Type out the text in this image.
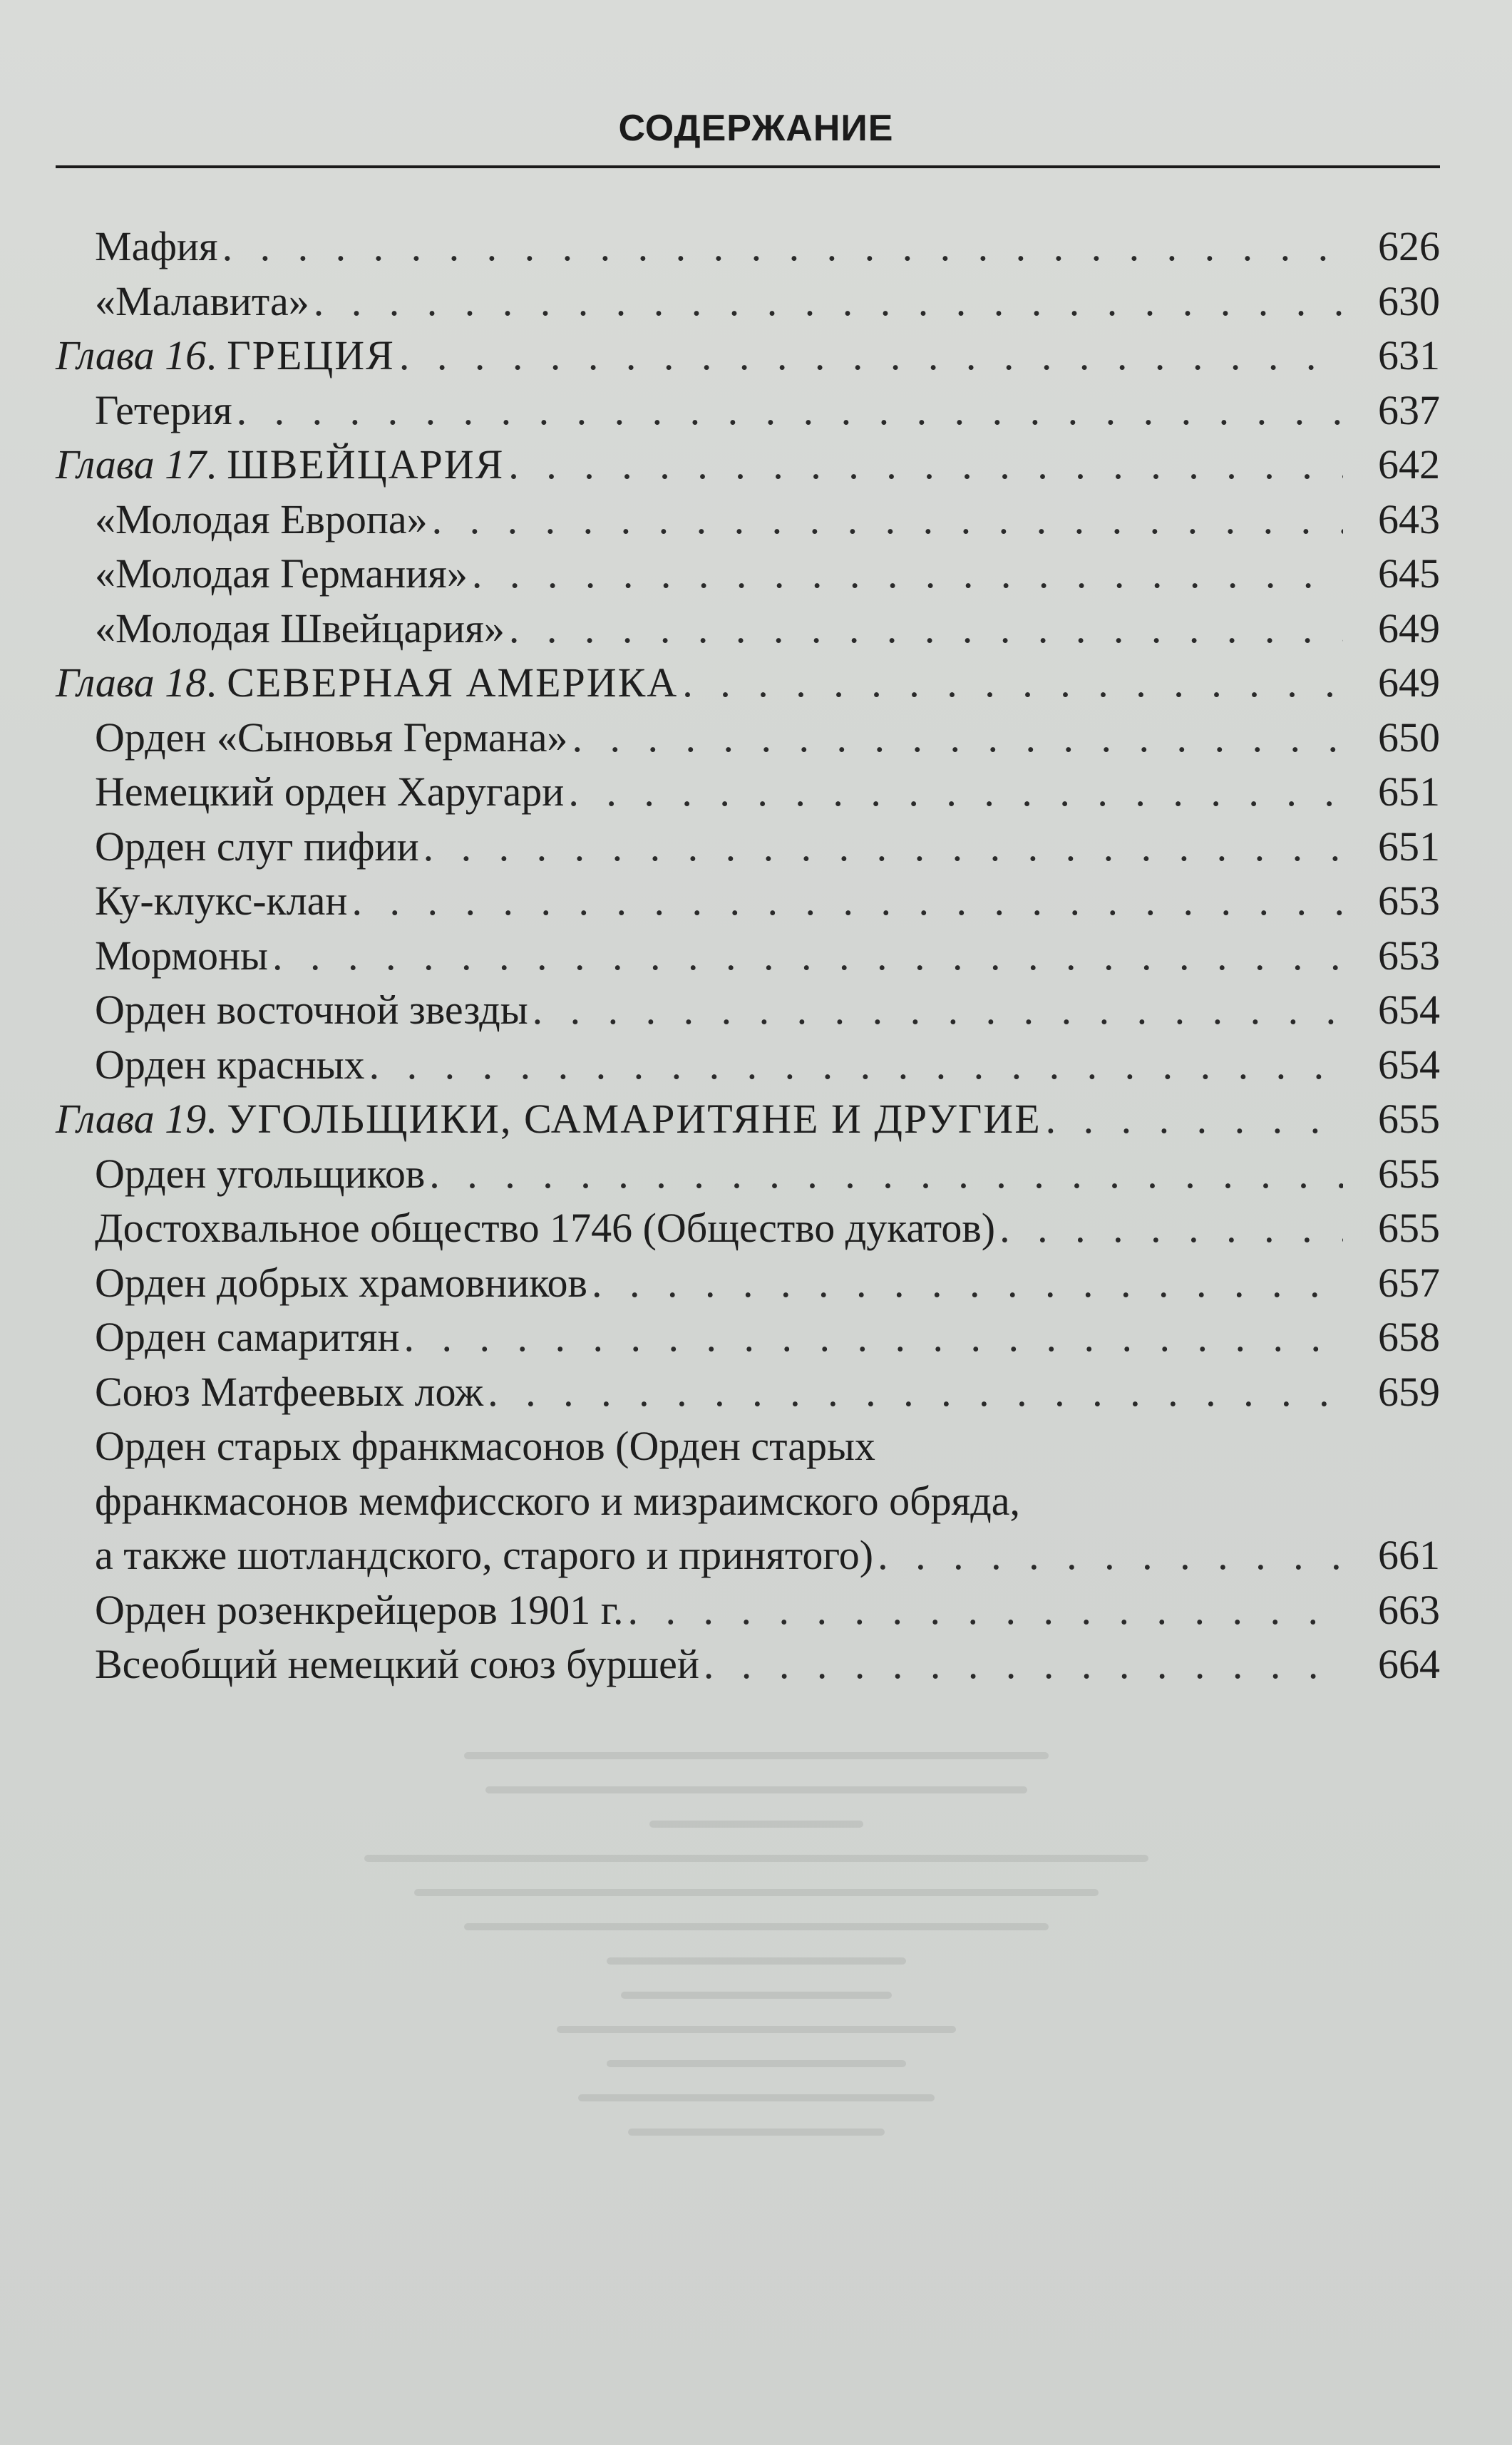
СОДЕРЖАНИЕ
Мафия . . .	626
«Малавита» . . .	630
Глава 16. ГРЕЦИЯ . . .	631
Гетерия . . .	637
Глава 17. ШВЕЙЦАРИЯ . . .	642
«Молодая Европа» . . .	643
«Молодая Германия» . . .	645
«Молодая Швейцария» . . .	649
Глава 18. СЕВЕРНАЯ АМЕРИКА . . .	649
Орден «Сыновья Германа» . . .	650
Немецкий орден Харугари . . .	651
Орден слуг пифии . . .	651
Ку-клукс-клан . . .	653
Мормоны . . .	653
Орден восточной звезды . . .	654
Орден красных . . .	654
Глава 19. УГОЛЬЩИКИ, САМАРИТЯНЕ И ДРУГИЕ . . .	655
Орден угольщиков . . .	655
Достохвальное общество 1746 (Общество дукатов) . . .	655
Орден добрых храмовников . . .	657
Орден самаритян . . .	658
Союз Матфеевых лож . . .	659
Орден старых франкмасонов (Орден старых
франкмасонов мемфисского и мизраимского обряда,
а также шотландского, старого и принятого) . . .	661
Орден розенкрейцеров 1901 г. . . .	663
Всеобщий немецкий союз буршей . . .	664
